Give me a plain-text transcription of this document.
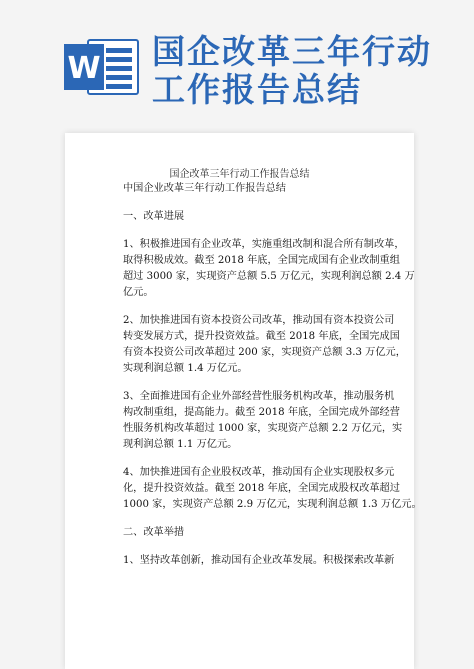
W 国企改革三年行动
工作报告总结
国企改革三年行动工作报告总结

中国企业改革三年行动工作报告总结

一、改革进展

1、积极推进国有企业改革，实施重组改制和混合所有制改革，

取得积极成效。截至 2018 年底，全国完成国有企业改制重组

超过 3000 家，实现资产总额 5.5 万亿元，实现利润总额 2.4 万

亿元。

2、加快推进国有资本投资公司改革，推动国有资本投资公司

转变发展方式，提升投资效益。截至 2018 年底，全国完成国

有资本投资公司改革超过 200 家，实现资产总额 3.3 万亿元，

实现利润总额 1.4 万亿元。

3、全面推进国有企业外部经营性服务机构改革，推动服务机

构改制重组，提高能力。截至 2018 年底，全国完成外部经营

性服务机构改革超过 1000 家，实现资产总额 2.2 万亿元，实

现利润总额 1.1 万亿元。

4、加快推进国有企业股权改革，推动国有企业实现股权多元

化，提升投资效益。截至 2018 年底，全国完成股权改革超过

1000 家，实现资产总额 2.9 万亿元，实现利润总额 1.3 万亿元。

二、改革举措

1、坚持改革创新，推动国有企业改革发展。积极探索改革新
